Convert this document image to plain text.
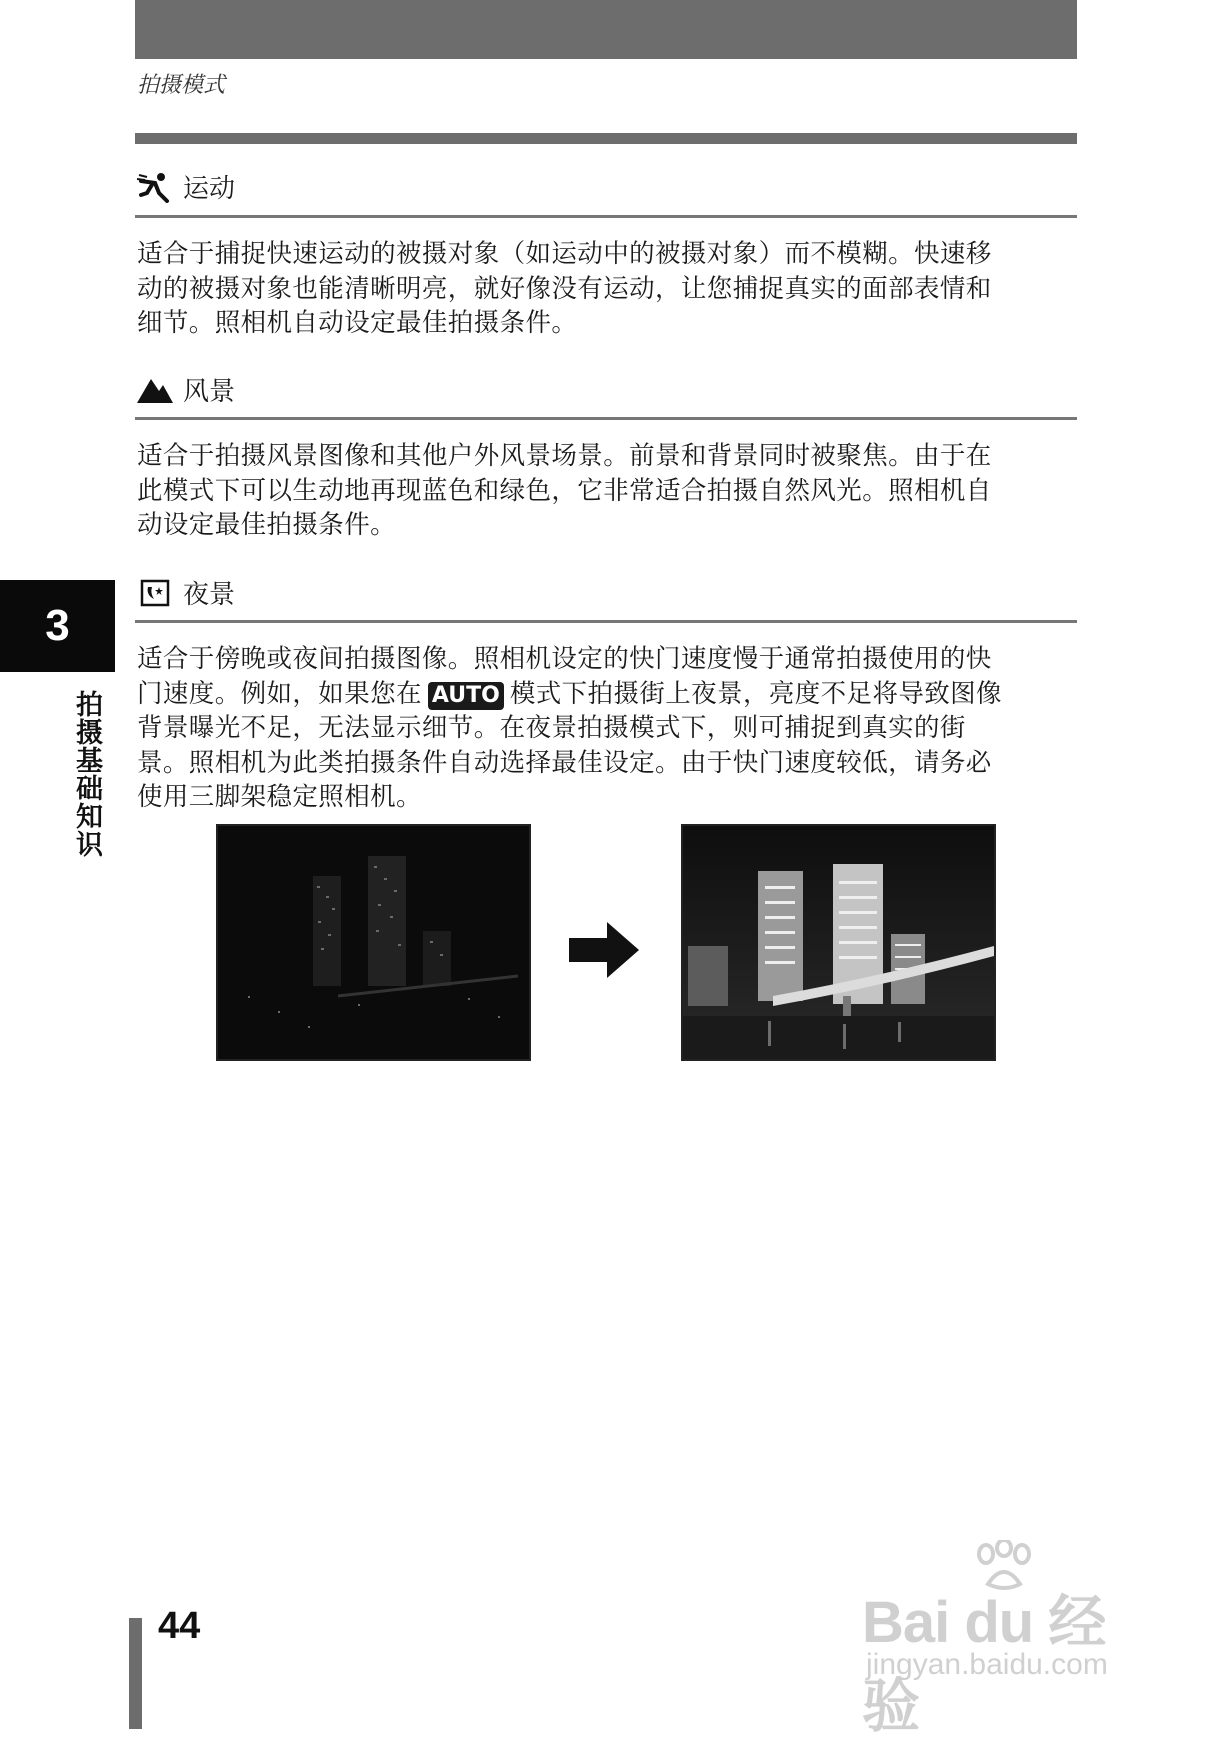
拍摄模式
运动

适合于捕捉快速运动的被摄对象（如运动中的被摄对象）而不模糊。快速移
动的被摄对象也能清晰明亮，就好像没有运动，让您捕捉真实的面部表情和
细节。照相机自动设定最佳拍摄条件。

风景

适合于拍摄风景图像和其他户外风景场景。前景和背景同时被聚焦。由于在
此模式下可以生动地再现蓝色和绿色，它非常适合拍摄自然风光。照相机自
动设定最佳拍摄条件。

夜景

适合于傍晚或夜间拍摄图像。照相机设定的快门速度慢于通常拍摄使用的快
门速度。例如，如果您在 AUTO 模式下拍摄街上夜景，亮度不足将导致图像
背景曝光不足，无法显示细节。在夜景拍摄模式下，则可捕捉到真实的街
景。照相机为此类拍摄条件自动选择最佳设定。由于快门速度较低，请务必
使用三脚架稳定照相机。

3
拍摄基础知识
44	Bai du 经验
jingyan.baidu.com
